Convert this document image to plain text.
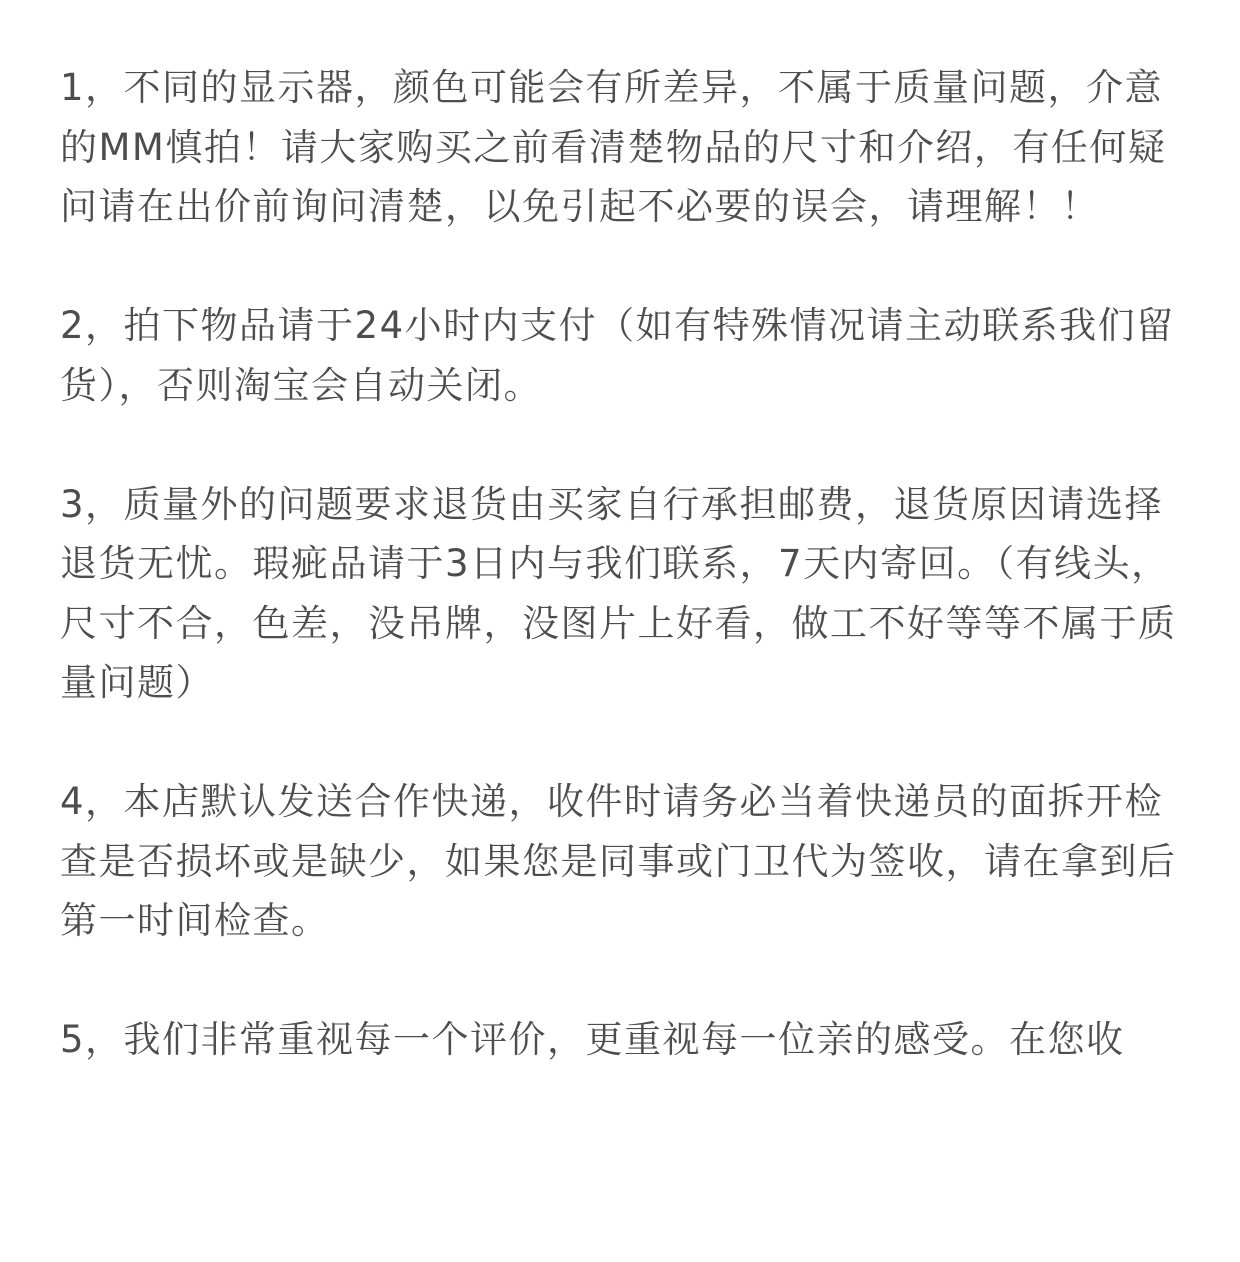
1，不同的显示器，颜色可能会有所差异，不属于质量问题，介意的MM慎拍！请大家购买之前看清楚物品的尺寸和介绍，有任何疑问请在出价前询问清楚，以免引起不必要的误会，请理解！！

2，拍下物品请于24小时内支付（如有特殊情况请主动联系我们留货），否则淘宝会自动关闭。

3，质量外的问题要求退货由买家自行承担邮费，退货原因请选择退货无忧。瑕疵品请于3日内与我们联系，7天内寄回。（有线头，尺寸不合，色差，没吊牌，没图片上好看，做工不好等等不属于质量问题）

4，本店默认发送合作快递，收件时请务必当着快递员的面拆开检查是否损坏或是缺少，如果您是同事或门卫代为签收，请在拿到后第一时间检查。

5，我们非常重视每一个评价，更重视每一位亲的感受。在您收
